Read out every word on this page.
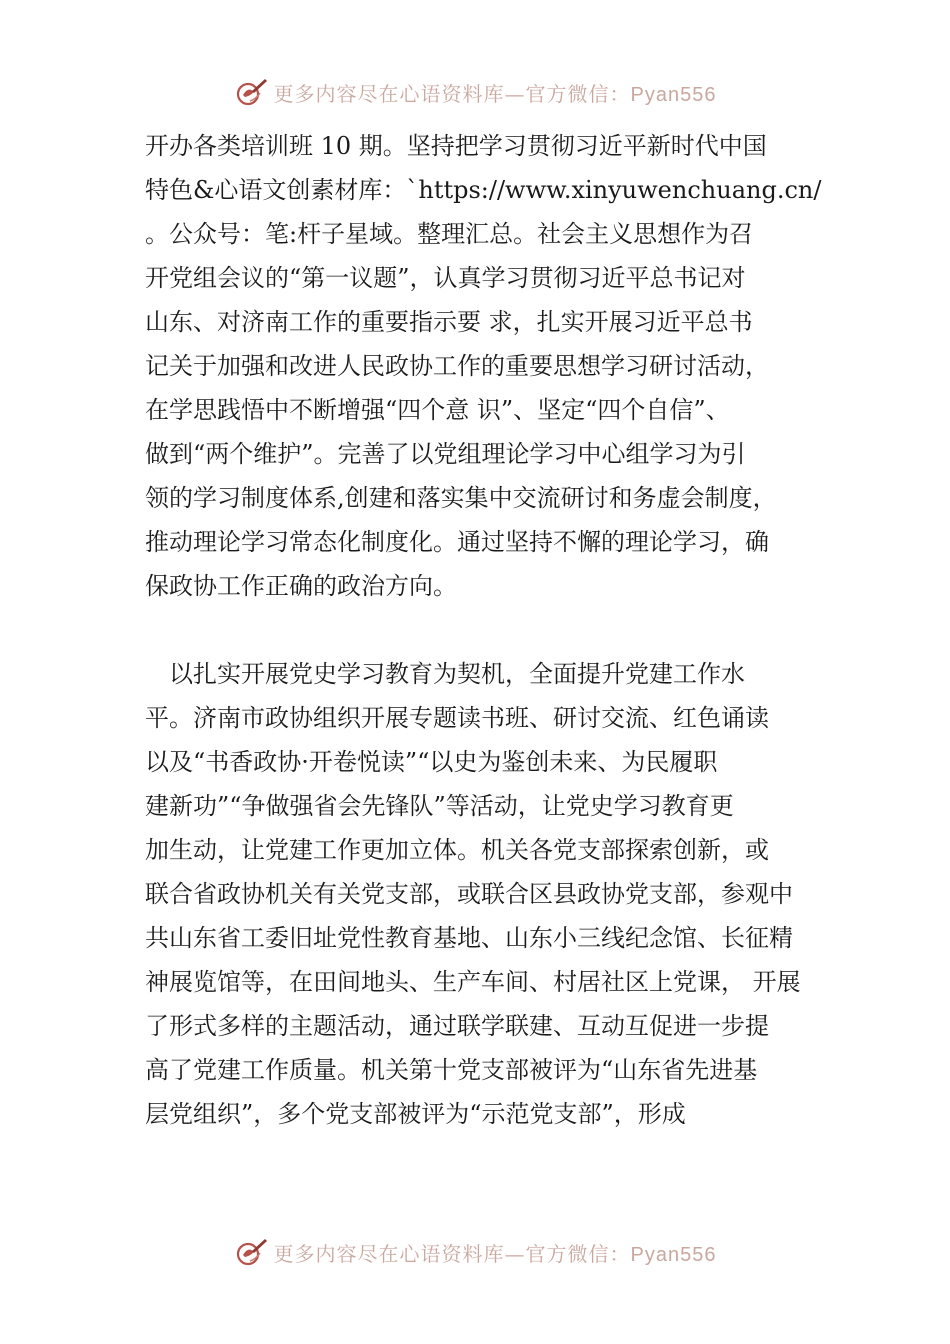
更多内容尽在心语资料库—官方微信：Pyan556
开办各类培训班 10 期。坚持把学习贯彻习近平新时代中国
特色&心语文创素材库：`https://www.xinyuwenchuang.cn/
。公众号：笔:杆子星域。整理汇总。社会主义思想作为召
开党组会议的“第一议题”，认真学习贯彻习近平总书记对
山东、对济南工作的重要指示要 求，扎实开展习近平总书
记关于加强和改进人民政协工作的重要思想学习研讨活动，
在学思践悟中不断增强“四个意 识”、坚定“四个自信”、
做到“两个维护”。完善了以党组理论学习中心组学习为引
领的学习制度体系,创建和落实集中交流研讨和务虚会制度，
推动理论学习常态化制度化。通过坚持不懈的理论学习，确
保政协工作正确的政治方向。
　以扎实开展党史学习教育为契机，全面提升党建工作水
平。济南市政协组织开展专题读书班、研讨交流、红色诵读
以及“书香政协·开卷悦读”“以史为鉴创未来、为民履职
建新功”“争做强省会先锋队”等活动，让党史学习教育更
加生动，让党建工作更加立体。机关各党支部探索创新，或
联合省政协机关有关党支部，或联合区县政协党支部，参观中
共山东省工委旧址党性教育基地、山东小三线纪念馆、长征精
神展览馆等，在田间地头、生产车间、村居社区上党课， 开展
了形式多样的主题活动，通过联学联建、互动互促进一步提
高了党建工作质量。机关第十党支部被评为“山东省先进基
层党组织”，多个党支部被评为“示范党支部”，形成
更多内容尽在心语资料库—官方微信：Pyan556
